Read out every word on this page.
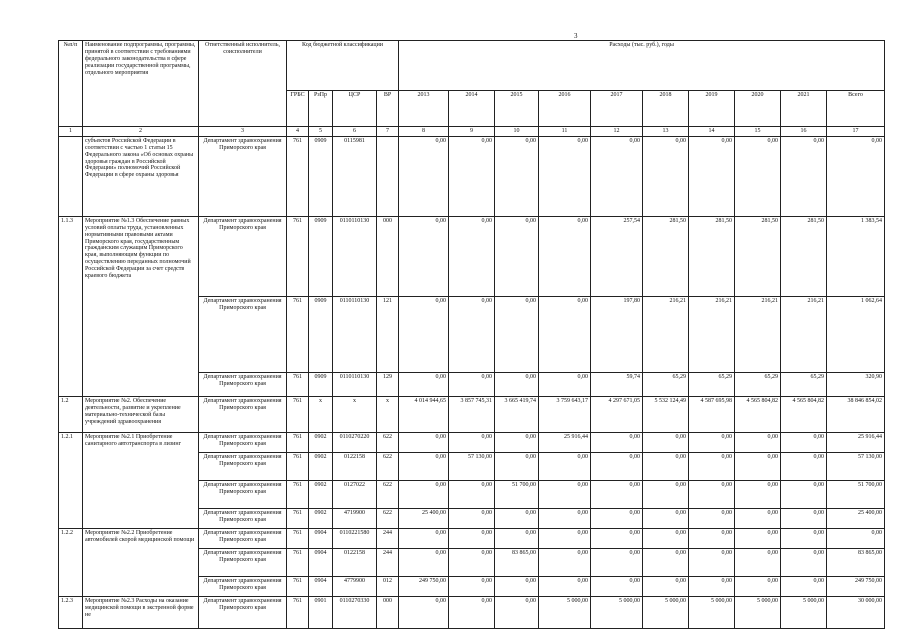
3
№п/п	Наименование подпрограммы, программы, принятой в соответствии с требованиями федерального законодательства в сфере реализации государственной программы, отдельного мероприятия	Ответственный исполнитель, соисполнители	Код бюджетной классификации				Расходы (тыс. руб.), годы									
			ГРБС	РзПр	ЦСР	ВР	2013	2014	2015	2016	2017	2018	2019	2020	2021	Всего
1	2	3	4	5	6	7	8	9	10	11	12	13	14	15	16	17
	субъектов Российской Федерации в соответствии с частью 1 статьи 15 Федерального закона «Об основах охраны здоровья граждан в Российской Федерации» полномочий Российской Федерации в сфере охраны здоровья	Департамент здравоохранения Приморского края	761	0909	0115981		0,00	0,00	0,00	0,00	0,00	0,00	0,00	0,00	0,00	0,00
1.1.3	Мероприятие №1.3 Обеспечение равных условий оплаты труда, установленных нормативными правовыми актами Приморского края, государственным гражданским служащим Приморского края, выполняющим функции по осуществлению переданных полномочий Российской Федерации за счет средств краевого бюджета	Департамент здравоохранения Приморского края	761	0909	0110110130	000	0,00	0,00	0,00	0,00	257,54	281,50	281,50	281,50	281,50	1 383,54
		Департамент здравоохранения Приморского края	761	0909	0110110130	121	0,00	0,00	0,00	0,00	197,80	216,21	216,21	216,21	216,21	1 062,64
		Департамент здравоохранения Приморского края	761	0909	0110110130	129	0,00	0,00	0,00	0,00	59,74	65,29	65,29	65,29	65,29	320,90
1.2	Мероприятие №2. Обеспечение деятельности, развитие и укрепление материально-технической базы учреждений здравоохранения	Департамент здравоохранения Приморского края	761	х	х	х	4 014 944,65	3 857 745,31	3 665 419,74	3 759 643,17	4 297 671,05	5 532 124,49	4 587 695,98	4 565 804,82	4 565 804,82	38 846 854,02
1.2.1	Мероприятие №2.1 Приобретение санитарного автотранспорта в лизинг	Департамент здравоохранения Приморского края	761	0902	0110270220	622	0,00	0,00	0,00	25 916,44	0,00	0,00	0,00	0,00	0,00	25 916,44
		Департамент здравоохранения Приморского края	761	0902	0122158	622	0,00	57 130,00	0,00	0,00	0,00	0,00	0,00	0,00	0,00	57 130,00
		Департамент здравоохранения Приморского края	761	0902	0127022	622	0,00	0,00	51 700,00	0,00	0,00	0,00	0,00	0,00	0,00	51 700,00
		Департамент здравоохранения Приморского края	761	0902	4719900	622	25 400,00	0,00	0,00	0,00	0,00	0,00	0,00	0,00	0,00	25 400,00
1.2.2	Мероприятие №2.2 Приобретение автомобилей скорой медицинской помощи	Департамент здравоохранения Приморского края	761	0904	0110221580	244	0,00	0,00	0,00	0,00	0,00	0,00	0,00	0,00	0,00	0,00
		Департамент здравоохранения Приморского края	761	0904	0122158	244	0,00	0,00	83 865,00	0,00	0,00	0,00	0,00	0,00	0,00	83 865,00
		Департамент здравоохранения Приморского края	761	0904	4779900	012	249 750,00	0,00	0,00	0,00	0,00	0,00	0,00	0,00	0,00	249 750,00
1.2.3	Мероприятие №2.3 Расходы на оказание медицинской помощи в экстренной форме не	Департамент здравоохранения Приморского края	761	0901	0110270330	000	0,00	0,00	0,00	5 000,00	5 000,00	5 000,00	5 000,00	5 000,00	5 000,00	30 000,00
